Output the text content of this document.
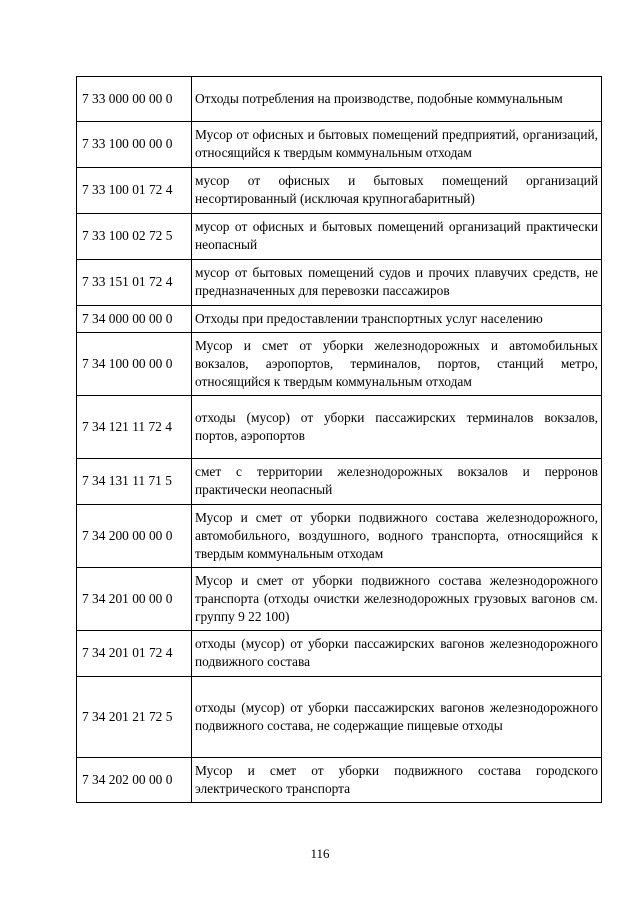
7 33 000 00 00 0	Отходы потребления на производстве, подобные коммунальным
7 33 100 00 00 0	Мусор от офисных и бытовых помещений предприятий, организаций, относящийся к твердым коммунальным отходам
7 33 100 01 72 4	мусор от офисных и бытовых помещений организаций несортированный (исключая крупногабаритный)
7 33 100 02 72 5	мусор от офисных и бытовых помещений организаций практически неопасный
7 33 151 01 72 4	мусор от бытовых помещений судов и прочих плавучих средств, не предназначенных для перевозки пассажиров
7 34 000 00 00 0	Отходы при предоставлении транспортных услуг населению
7 34 100 00 00 0	Мусор и смет от уборки железнодорожных и автомобильных вокзалов, аэропортов, терминалов, портов, станций метро, относящийся к твердым коммунальным отходам
7 34 121 11 72 4	отходы (мусор) от уборки пассажирских терминалов вокзалов, портов, аэропортов
7 34 131 11 71 5	смет с территории железнодорожных вокзалов и перронов практически неопасный
7 34 200 00 00 0	Мусор и смет от уборки подвижного состава железнодорожного, автомобильного, воздушного, водного транспорта, относящийся к твердым коммунальным отходам
7 34 201 00 00 0	Мусор и смет от уборки подвижного состава железнодорожного транспорта (отходы очистки железнодорожных грузовых вагонов см. группу 9 22 100)
7 34 201 01 72 4	отходы (мусор) от уборки пассажирских вагонов железнодорожного подвижного состава
7 34 201 21 72 5	отходы (мусор) от уборки пассажирских вагонов железнодорожного подвижного состава, не содержащие пищевые отходы
7 34 202 00 00 0	Мусор и смет от уборки подвижного состава городского электрического транспорта
116
